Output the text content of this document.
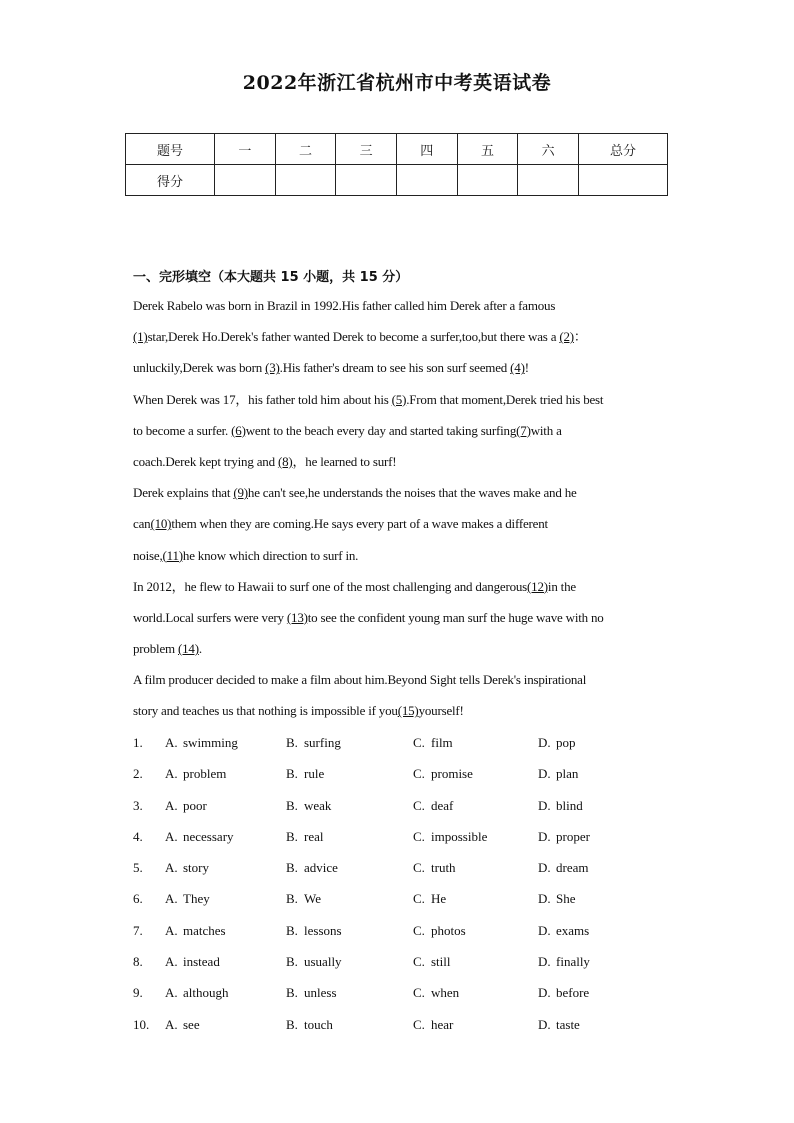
2022年浙江省杭州市中考英语试卷
题号	一	二	三	四	五	六	总分
得分							
一、完形填空（本大题共 15 小题，共 15 分）
Derek Rabelo was born in Brazil in 1992.His father called him Derek after a famous
(1)star,Derek Ho.Derek's father wanted Derek to become a surfer,too,but there was a (2)：
unluckily,Derek was born (3).His father's dream to see his son surf seemed (4)!
When Derek was 17，his father told him about his (5).From that moment,Derek tried his best
to become a surfer. (6)went to the beach every day and started taking surfing(7)with a
coach.Derek kept trying and (8)，he learned to surf!
Derek explains that (9)he can't see,he understands the noises that the waves make and he
can(10)them when they are coming.He says every part of a wave makes a different
noise,(11)he know which direction to surf in.
In 2012，he flew to Hawaii to surf one of the most challenging and dangerous(12)in the
world.Local surfers were very (13)to see the confident young man surf the huge wave with no
problem (14).
A film producer decided to make a film about him.Beyond Sight tells Derek's inspirational
story and teaches us that nothing is impossible if you(15)yourself!
1. A. swimming	B. surfing	C. film	D. pop
2. A. problem	B. rule	C. promise	D. plan
3. A. poor	B. weak	C. deaf	D. blind
4. A. necessary	B. real	C. impossible	D. proper
5. A. story	B. advice	C. truth	D. dream
6. A. They	B. We	C. He	D. She
7. A. matches	B. lessons	C. photos	D. exams
8. A. instead	B. usually	C. still	D. finally
9. A. although	B. unless	C. when	D. before
10. A. see	B. touch	C. hear	D. taste
